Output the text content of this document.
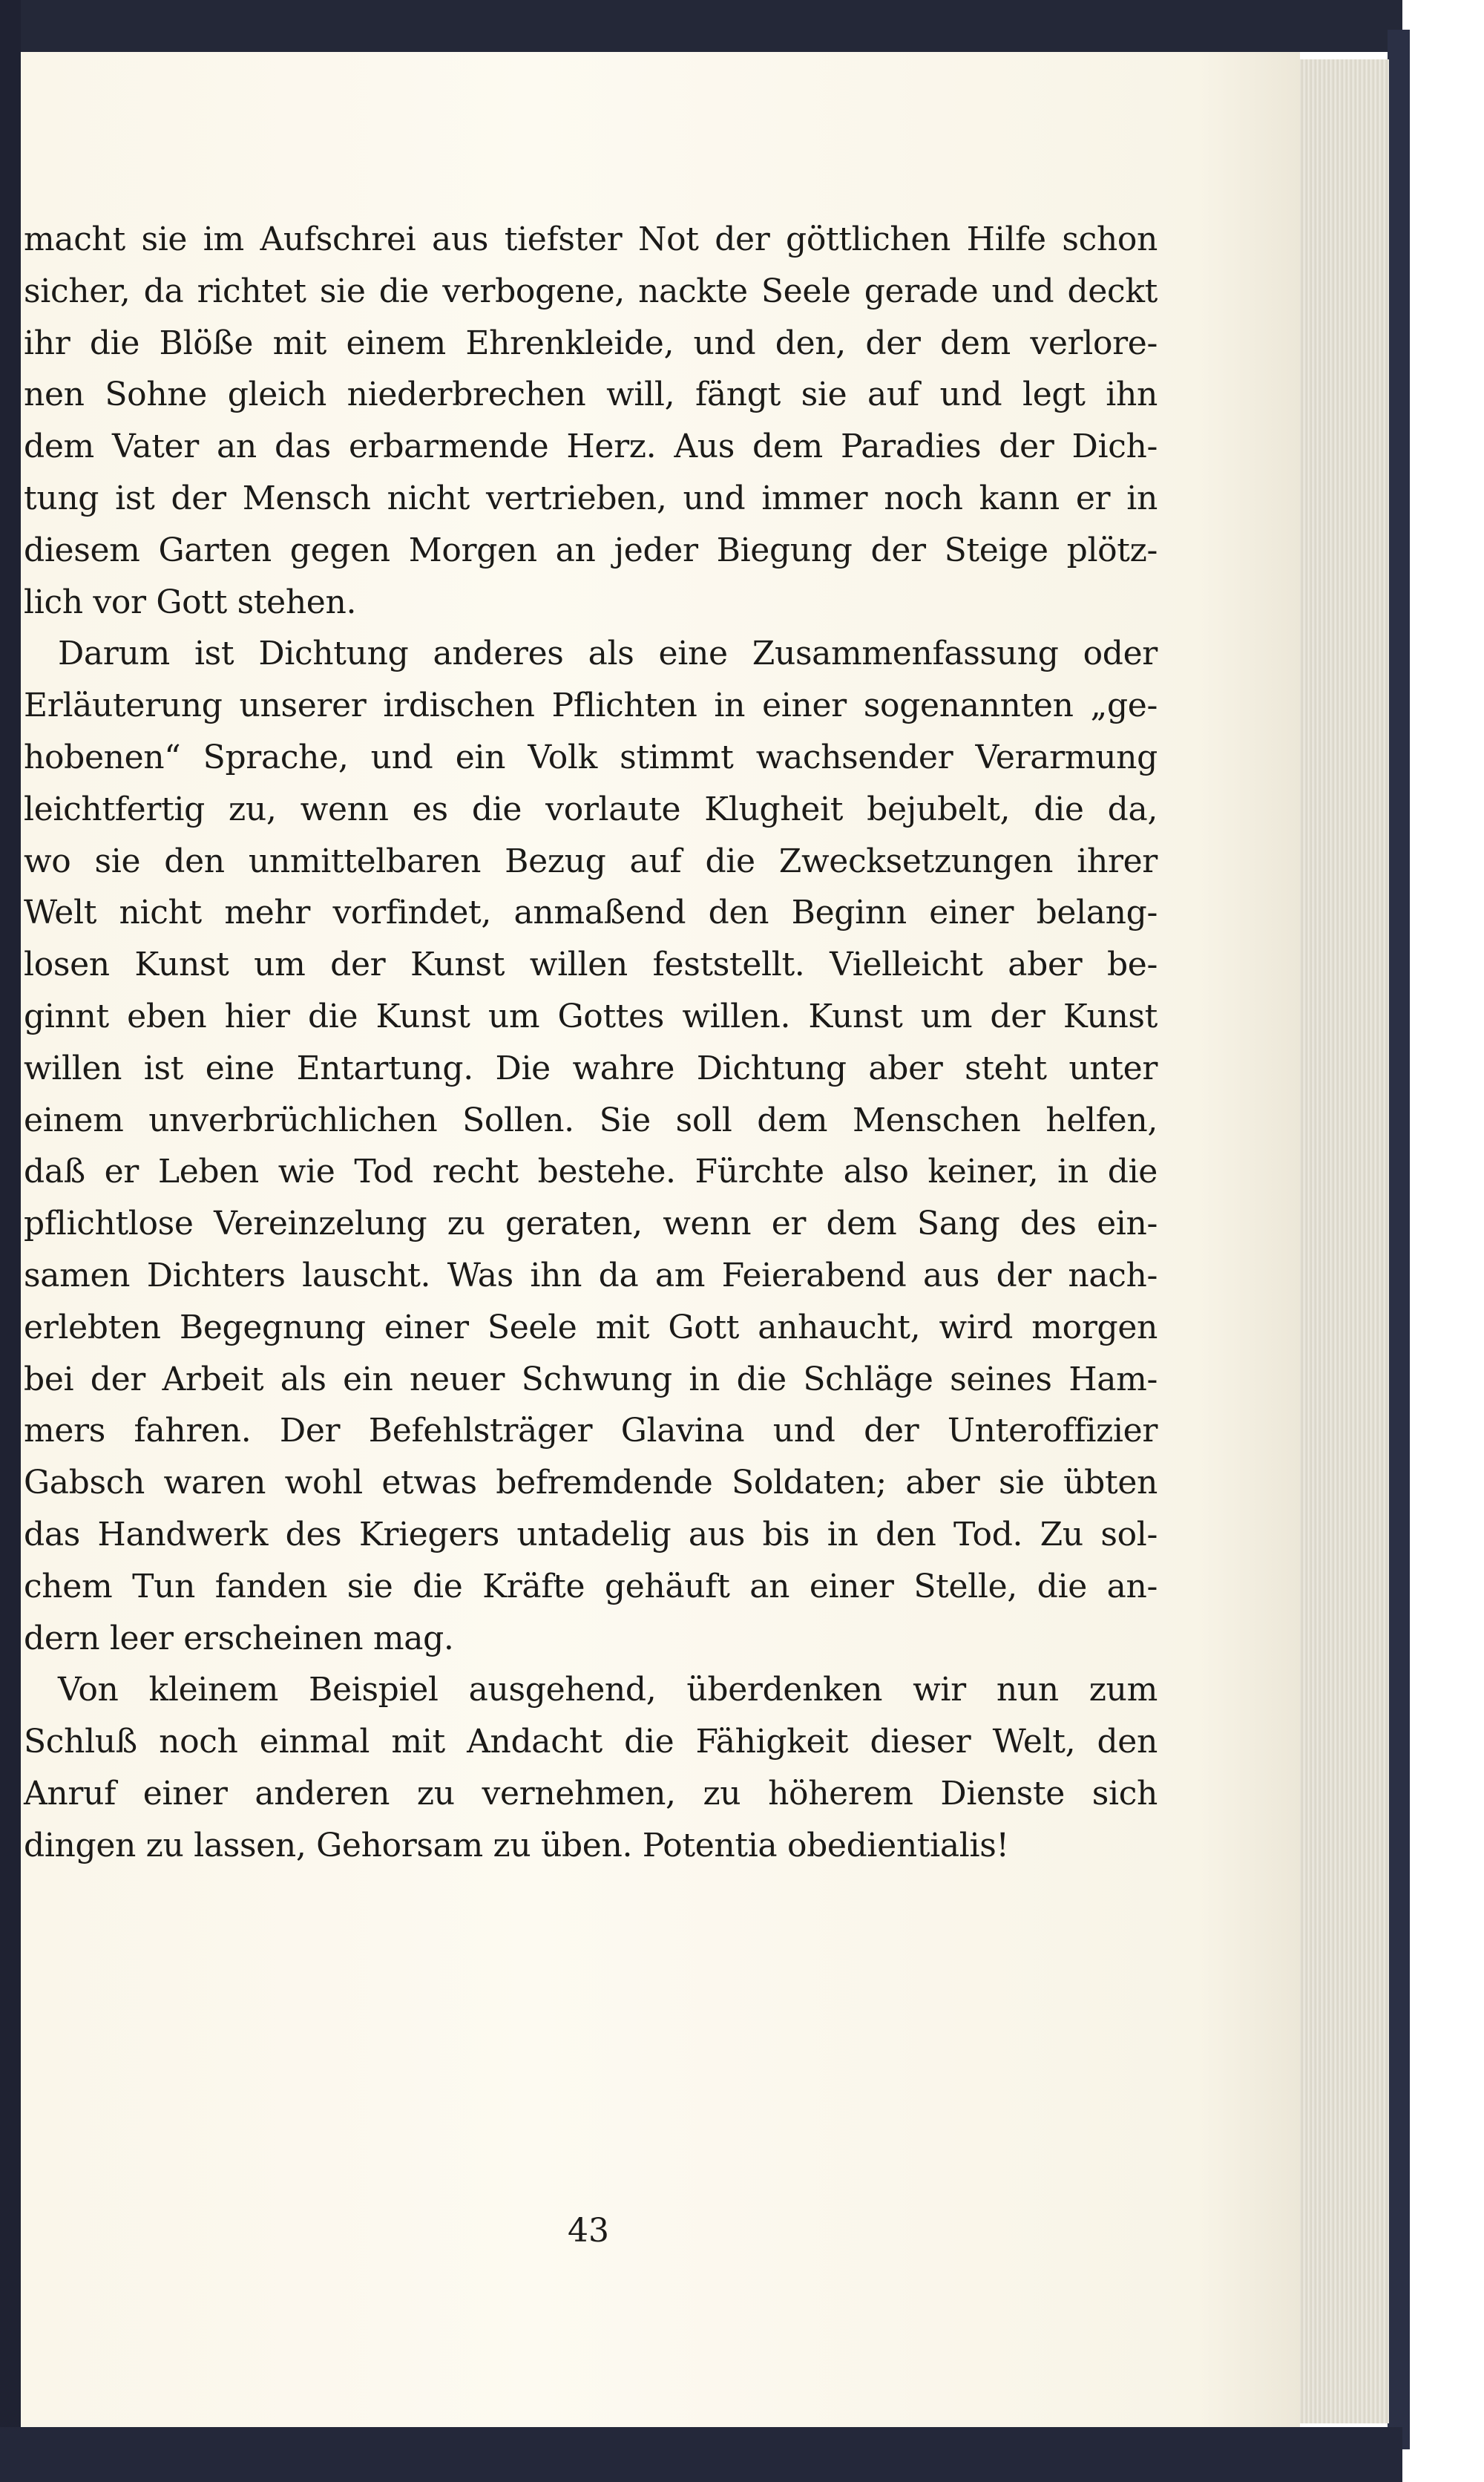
macht sie im Aufschrei aus tiefster Not der göttlichen Hilfe schon
sicher, da richtet sie die verbogene, nackte Seele gerade und deckt
ihr die Blöße mit einem Ehrenkleide, und den, der dem verlore-
nen Sohne gleich niederbrechen will, fängt sie auf und legt ihn
dem Vater an das erbarmende Herz. Aus dem Paradies der Dich-
tung ist der Mensch nicht vertrieben, und immer noch kann er in
diesem Garten gegen Morgen an jeder Biegung der Steige plötz-
lich vor Gott stehen.

Darum ist Dichtung anderes als eine Zusammenfassung oder
Erläuterung unserer irdischen Pflichten in einer sogenannten „ge-
hobenen“ Sprache, und ein Volk stimmt wachsender Verarmung
leichtfertig zu, wenn es die vorlaute Klugheit bejubelt, die da,
wo sie den unmittelbaren Bezug auf die Zwecksetzungen ihrer
Welt nicht mehr vorfindet, anmaßend den Beginn einer belang-
losen Kunst um der Kunst willen feststellt. Vielleicht aber be-
ginnt eben hier die Kunst um Gottes willen. Kunst um der Kunst
willen ist eine Entartung. Die wahre Dichtung aber steht unter
einem unverbrüchlichen Sollen. Sie soll dem Menschen helfen,
daß er Leben wie Tod recht bestehe. Fürchte also keiner, in die
pflichtlose Vereinzelung zu geraten, wenn er dem Sang des ein-
samen Dichters lauscht. Was ihn da am Feierabend aus der nach-
erlebten Begegnung einer Seele mit Gott anhaucht, wird morgen
bei der Arbeit als ein neuer Schwung in die Schläge seines Ham-
mers fahren. Der Befehlsträger Glavina und der Unteroffizier
Gabsch waren wohl etwas befremdende Soldaten; aber sie übten
das Handwerk des Kriegers untadelig aus bis in den Tod. Zu sol-
chem Tun fanden sie die Kräfte gehäuft an einer Stelle, die an-
dern leer erscheinen mag.

Von kleinem Beispiel ausgehend, überdenken wir nun zum
Schluß noch einmal mit Andacht die Fähigkeit dieser Welt, den
Anruf einer anderen zu vernehmen, zu höherem Dienste sich
dingen zu lassen, Gehorsam zu üben. Potentia obedientialis!

43
